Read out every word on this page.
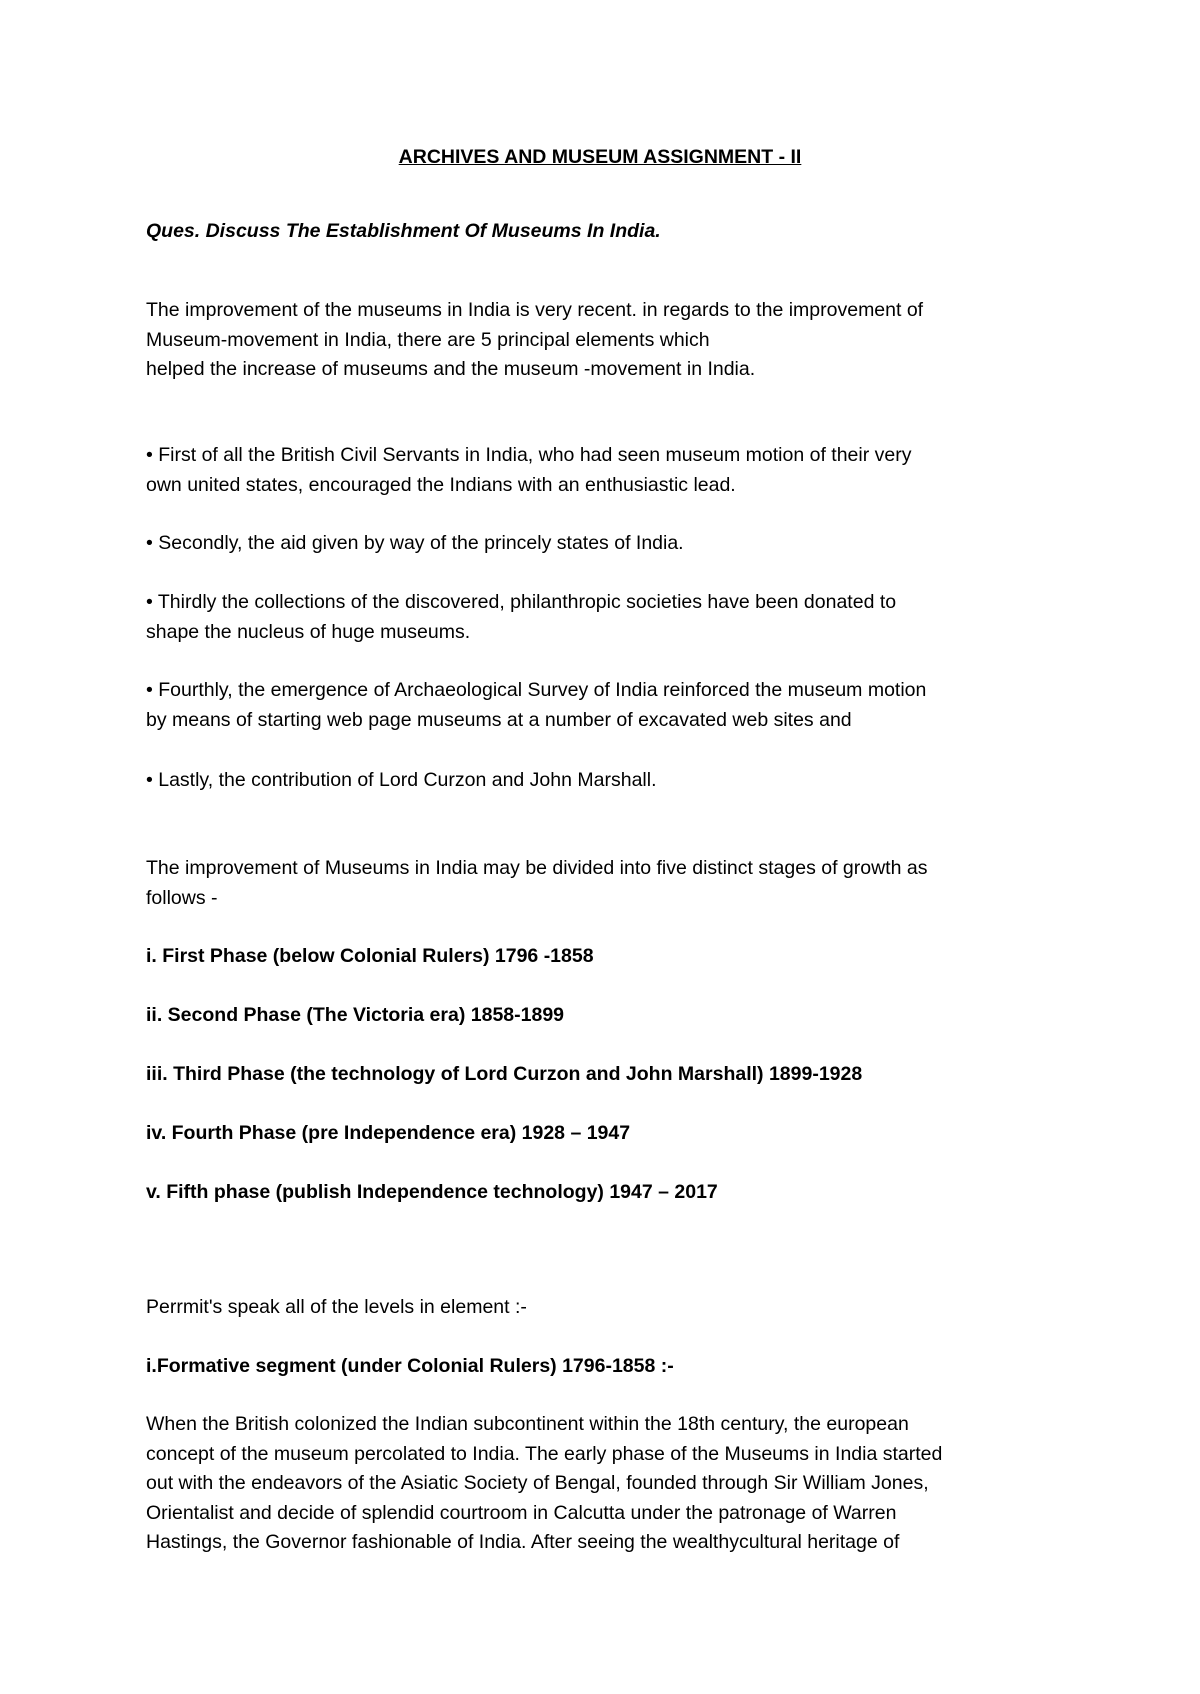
ARCHIVES AND MUSEUM ASSIGNMENT - II
Ques. Discuss The Establishment Of Museums In India.
The improvement of the museums in India is very recent. in regards to the improvement of
Museum-movement in India, there are 5 principal elements which
helped the increase of museums and the museum -movement in India.
• First of all the British Civil Servants in India, who had seen museum motion of their very
own united states, encouraged the Indians with an enthusiastic lead.
• Secondly, the aid given by way of the princely states of India.
• Thirdly the collections of the discovered, philanthropic societies have been donated to
shape the nucleus of huge museums.
• Fourthly, the emergence of Archaeological Survey of India reinforced the museum motion
by means of starting web page museums at a number of excavated web sites and
• Lastly, the contribution of Lord Curzon and John Marshall.
The improvement of Museums in India may be divided into five distinct stages of growth as
follows -
i. First Phase (below Colonial Rulers) 1796 -1858
ii. Second Phase (The Victoria era) 1858-1899
iii. Third Phase (the technology of Lord Curzon and John Marshall) 1899-1928
iv. Fourth Phase (pre Independence era) 1928 – 1947
v. Fifth phase (publish Independence technology) 1947 – 2017
Perrmit's speak all of the levels in element :-
i.Formative segment (under Colonial Rulers) 1796-1858 :-
When the British colonized the Indian subcontinent within the 18th century, the european
concept of the museum percolated to India. The early phase of the Museums in India started
out with the endeavors of the Asiatic Society of Bengal, founded through Sir William Jones,
Orientalist and decide of splendid courtroom in Calcutta under the patronage of Warren
Hastings, the Governor fashionable of India. After seeing the wealthycultural heritage of
